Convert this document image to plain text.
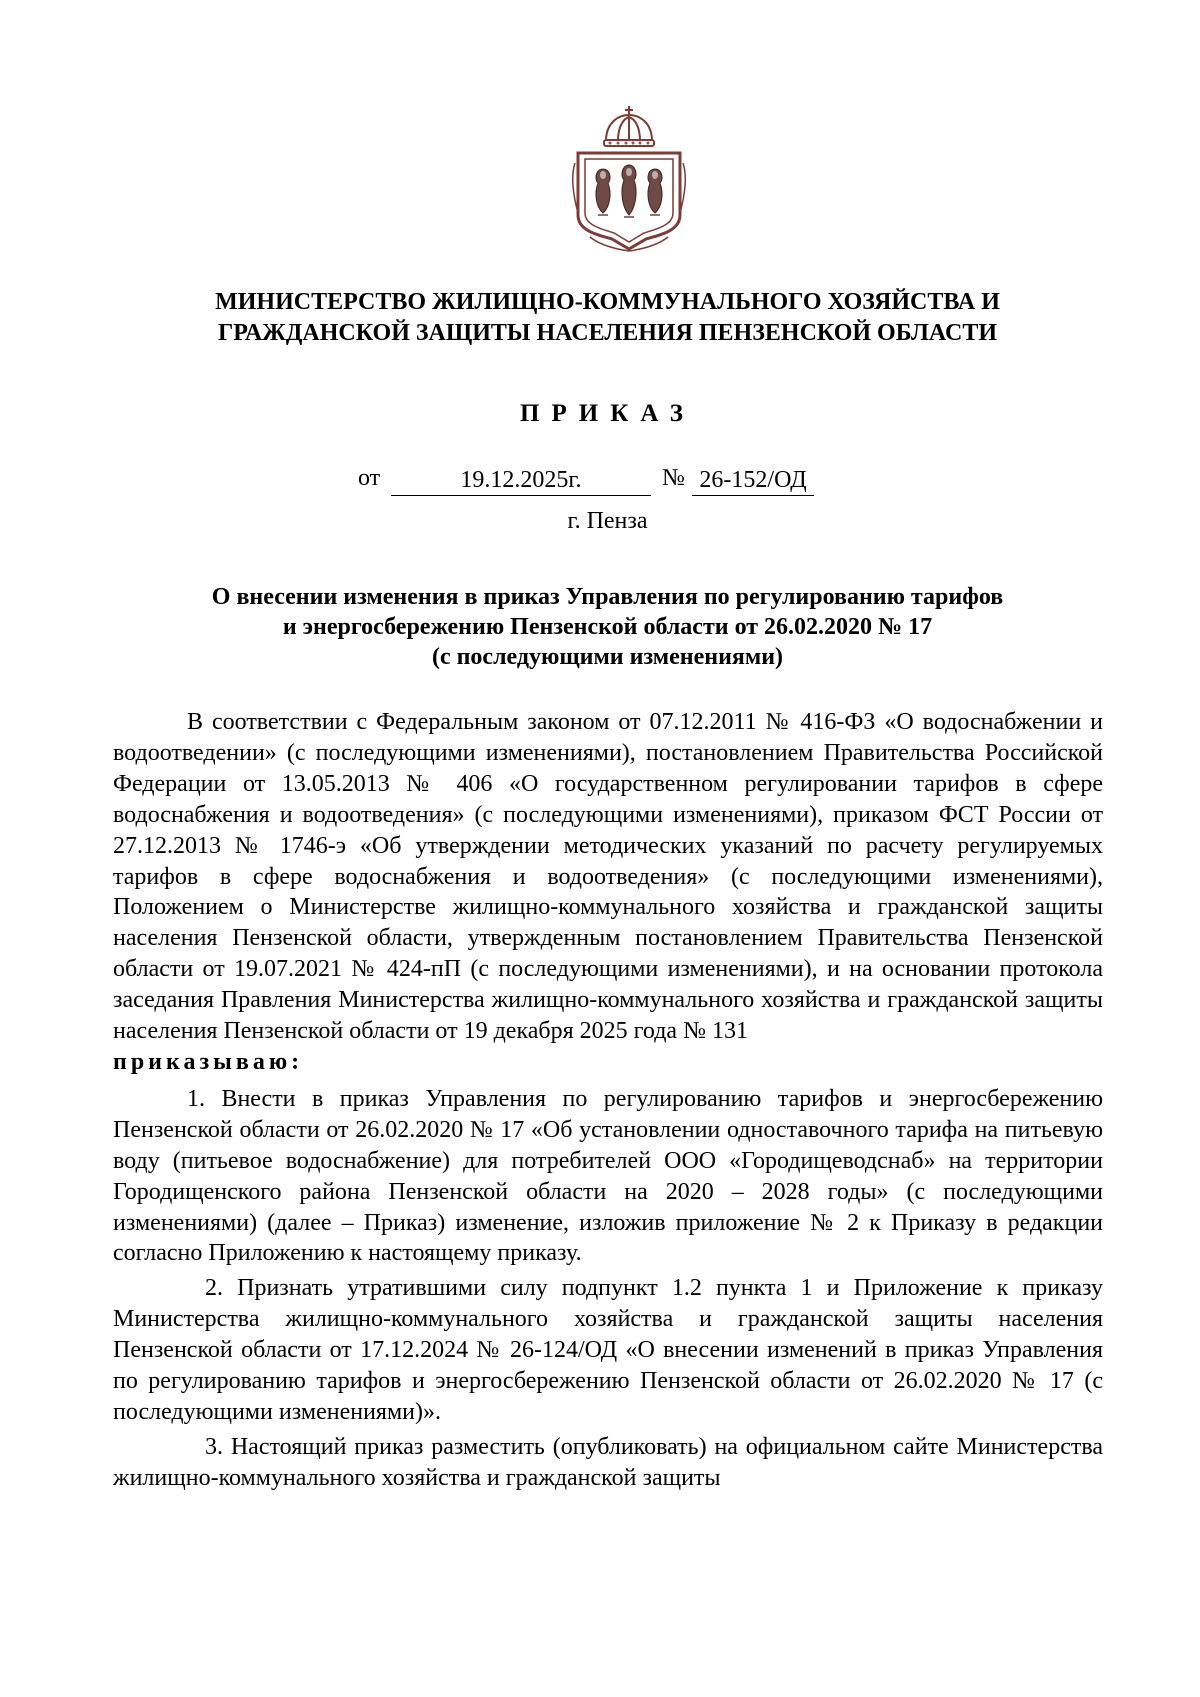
МИНИСТЕРСТВО ЖИЛИЩНО-КОММУНАЛЬНОГО ХОЗЯЙСТВА И
ГРАЖДАНСКОЙ ЗАЩИТЫ НАСЕЛЕНИЯ ПЕНЗЕНСКОЙ ОБЛАСТИ
ПРИКАЗ
от	19.12.2025г.	№ 26-152/ОД
г. Пенза
О внесении изменения в приказ Управления по регулированию тарифов
и энергосбережению Пензенской области от 26.02.2020 № 17
(с последующими изменениями)

В соответствии с Федеральным законом от 07.12.2011 № 416-ФЗ «О водоснабжении и водоотведении» (с последующими изменениями), постановлением Правительства Российской Федерации от 13.05.2013 № 406 «О государственном регулировании тарифов в сфере водоснабжения и водоотведения» (с последующими изменениями), приказом ФСТ России от 27.12.2013 № 1746-э «Об утверждении методических указаний по расчету регулируемых тарифов в сфере водоснабжения и водоотведения» (с последующими изменениями), Положением о Министерстве жилищно-коммунального хозяйства и гражданской защиты населения Пензенской области, утвержденным постановлением Правительства Пензенской области от 19.07.2021 № 424-пП (с последующими изменениями), и на основании протокола заседания Правления Министерства жилищно-коммунального хозяйства и гражданской защиты населения Пензенской области от 19 декабря 2025 года № 131

приказываю:

1. Внести в приказ Управления по регулированию тарифов и энергосбережению Пензенской области от 26.02.2020 № 17 «Об установлении одноставочного тарифа на питьевую воду (питьевое водоснабжение) для потребителей ООО «Городищеводснаб» на территории Городищенского района Пензенской области на 2020 – 2028 годы» (с последующими изменениями) (далее – Приказ) изменение, изложив приложение № 2 к Приказу в редакции согласно Приложению к настоящему приказу.

2. Признать утратившими силу подпункт 1.2 пункта 1 и Приложение к приказу Министерства жилищно-коммунального хозяйства и гражданской защиты населения Пензенской области от 17.12.2024 № 26-124/ОД «О внесении изменений в приказ Управления по регулированию тарифов и энергосбережению Пензенской области от 26.02.2020 № 17 (с последующими изменениями)».

3. Настоящий приказ разместить (опубликовать) на официальном сайте Министерства жилищно-коммунального хозяйства и гражданской защиты
